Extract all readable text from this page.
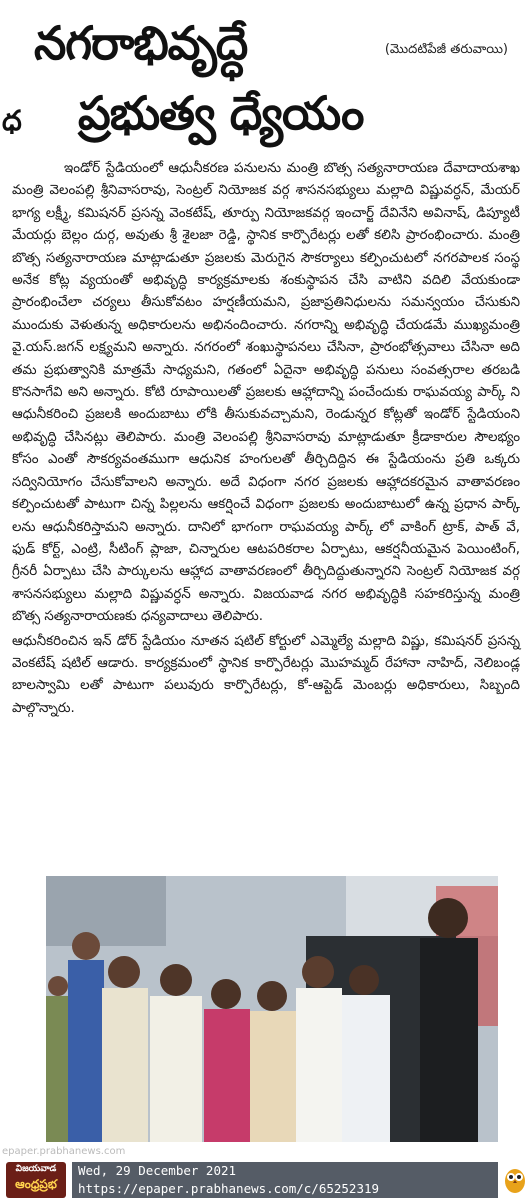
నగరాభివృద్ధే	(మొదటిపేజీ తరువాయి)
ధ ప్రభుత్వ ధ్యేయం

ఇండోర్‌ స్టేడియంలో ఆధునీకరణ పనులను మంత్రి బొత్స సత్యనారాయణ దేవాదాయశాఖ మంత్రి వెలంపల్లి శ్రీనివాసరావు, సెంట్రల్‌ నియోజక వర్గ శాసనసభ్యులు మల్లాది విష్ణువర్ధన్‌, మేయర్‌ భాగ్య లక్ష్మీ, కమిషనర్‌ ప్రసన్న వెంకటేష్‌, తూర్పు నియోజకవర్గ ఇంచార్జ్‌ దేవినేని అవినాష్‌, డిప్యూటీ మేయర్లు బెల్లం దుర్గ, అవుతు శ్రీ శైలజా రెడ్డి, స్థానిక కార్పొరేటర్లు లతో కలిసి ప్రారంభించారు. మంత్రి బొత్స సత్యనారాయణ మాట్లాడుతూ ప్రజలకు మెరుగైన సౌకర్యాలు కల్పించుటలో నగరపాలక సంస్థ అనేక కోట్ల వ్యయంతో అభివృద్ధి కార్యక్రమాలకు శంకుస్థాపన చేసి వాటిని వదిలి వేయకుండా ప్రారంభించేలా చర్యలు తీసుకోవటం హర్షణీయమని, ప్రజాప్రతినిధులను సమన్వయం చేసుకుని ముందుకు వెళుతున్న అధికారులను అభినందించారు. నగరాన్ని అభివృద్ధి చేయడమే ముఖ్యమంత్రి వై.యస్‌.జగన్‌ లక్ష్యమని అన్నారు. నగరంలో శంఖుస్థాపనలు చేసినా, ప్రారంభోత్సవాలు చేసినా అది తమ ప్రభుత్వానికి మాత్రమే సాధ్యమని, గతంలో ఏదైనా అభివృద్ధి పనులు సంవత్సరాల తరబడి కొనసాగేవి అని అన్నారు. కోటి రూపాయిలతో ప్రజలకు ఆహ్లాదాన్ని పంచేందుకు రాఘవయ్య పార్క్‌ ని ఆధునీకరించి ప్రజలకి అందుబాటు లోకి తీసుకువచ్చామని, రెండున్నర కోట్లతో ఇండోర్‌ స్టేడియంని అభివృద్ధి చేసినట్లు తెలిపారు. మంత్రి వెలంపల్లి శ్రీనివాసరావు మాట్లాడుతూ క్రీడాకారుల సౌలభ్యం కోసం ఎంతో సౌకర్యవంతముగా ఆధునిక హంగులతో తీర్చిదిద్దిన ఈ స్టేడియంను ప్రతి ఒక్కరు సద్వినియోగం చేసుకోవాలని అన్నారు. అదే విధంగా నగర ప్రజలకు ఆహ్లాదకరమైన వాతావరణం కల్పించుటతో పాటుగా చిన్న పిల్లలను ఆకర్షించే విధంగా ప్రజలకు అందుబాటులో ఉన్న ప్రధాన పార్క్‌ లను ఆధునీకరిస్తామని అన్నారు. దానిలో భాగంగా రాఘవయ్య పార్క్‌ లో వాకింగ్‌ ట్రాక్‌, పాత్‌ వే, ఫుడ్‌ కోర్ట్‌, ఎంట్రి, సీటింగ్‌ ప్లాజా, చిన్నారుల ఆటపరికరాల ఏర్పాటు, ఆకర్షనీయమైన పెయింటింగ్‌, గ్రీనరీ ఏర్పాటు చేసి పార్కులను ఆహ్లాద వాతావరణంలో తీర్చిదిద్దుతున్నారని సెంట్రల్‌ నియోజక వర్గ శాసనసభ్యులు మల్లాది విష్ణువర్ధన్‌ అన్నారు. విజయవాడ నగర అభివృద్ధికి సహకరిస్తున్న మంత్రి బొత్స సత్యనారాయణకు ధన్యవాదాలు తెలిపారు.

ఆధునీకరించిన ఇన్‌ డోర్‌ స్టేడియం నూతన షటిల్‌ కోర్టులో ఎమ్మెల్యే మల్లాది విష్ణు, కమిషనర్‌ ప్రసన్న వెంకటేష్‌ షటిల్‌ ఆడారు. కార్యక్రమంలో స్థానిక కార్పొరేటర్లు మొహమ్మద్‌ రేహానా నాహిద్‌, నెలిబండ్ల బాలస్వామి లతో పాటుగా పలువురు కార్పొరేటర్లు, కో-ఆప్టెడ్‌ మెంబర్లు అధికారులు, సిబ్బంది పాల్గొన్నారు.

epaper.prabhanews.com
విజయవాడ
ఆంధ్రప్రభ
Wed, 29 December 2021
https://epaper.prabhanews.com/c/65252319
